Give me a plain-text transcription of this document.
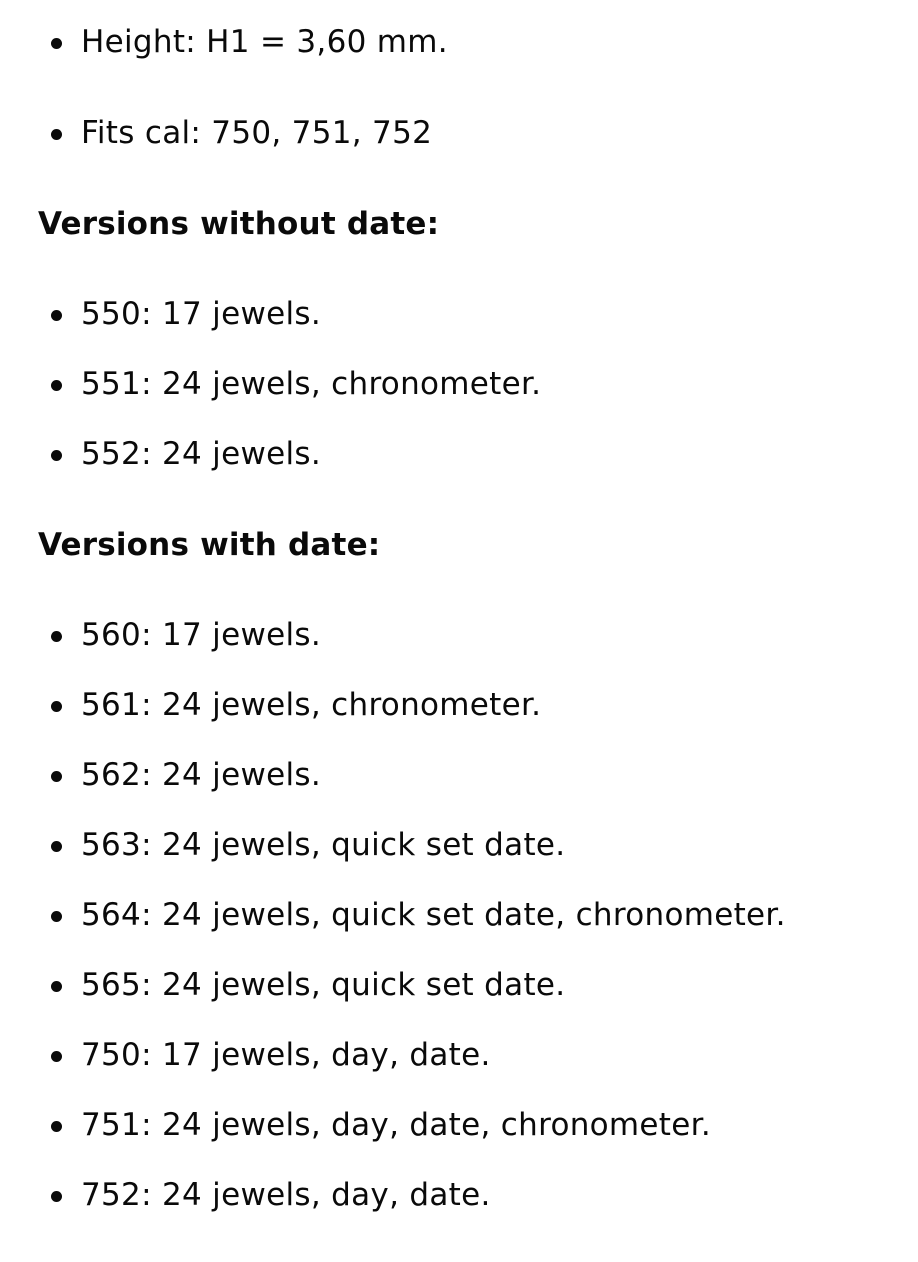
Height: H1 = 3,60 mm.
Fits cal: 750, 751, 752
Versions without date:
550: 17 jewels.
551: 24 jewels, chronometer.
552: 24 jewels.
Versions with date:
560: 17 jewels.
561: 24 jewels, chronometer.
562: 24 jewels.
563: 24 jewels, quick set date.
564: 24 jewels, quick set date, chronometer.
565: 24 jewels, quick set date.
750: 17 jewels, day, date.
751: 24 jewels, day, date, chronometer.
752: 24 jewels, day, date.
